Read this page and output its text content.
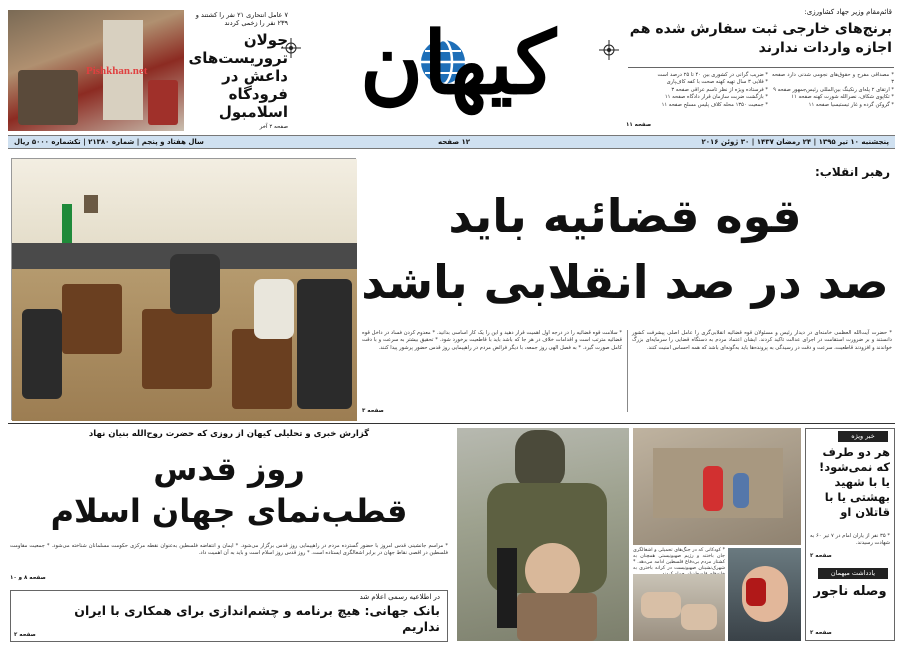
Pishkhan.net
۷ عامل انتحاری ۲۱ نفر را کشتند و ۲۳۹ نفر را زخمی کردند
جولان تروریست‌های داعش در فرودگاه اسلامبول
صفحه ۲ آخر
کیهان
قائم‌مقام وزیر جهاد کشاورزی:
برنج‌های خارجی ثبت سفارش شده هم اجازه واردات ندارند
* ضریب گرانی در کشوری بین ۴۰ تا ۲۵ درصد است
* فلایی ۳ سال تهیه کهنه صحت با کفه کاف‌پاری
* فرستاده ویژه از نظر تاسم عراقی صفحه ۳
* بازگشت ضربت سازمان قرار دادگاه صفحه ۱۱
* جمعیت ۱۳۵۰ محله کلاف پلیس مسلح صفحه ۱۱
* مصداقی مفرح و حقوق‌های نجومی شدنی دارد صفحه ۳
* ارتقای ۲ پله‌ای رنکینگ بین‌المللی رئیس‌جمهور صفحه ۹
* تکاپوی شکاف، نصرالله شورت کهنه صفحه ۱۱
* گروکن گرده و غار تیستیسیا صفحه ۱۱
صفحه ۱۱
پنجشنبه ۱۰ تیر ۱۳۹۵ | ۲۴ رمضان ۱۴۳۷ | ۳۰ ژوئن ۲۰۱۶
۱۲ صفحه
سال هفتاد و پنجم | شماره ۲۱۳۸۰ | تکشماره ۵۰۰۰ ریال
رهبر انقلاب:
قوه قضائیه باید
صد در صد انقلابی باشد
* سلامت قوه قضائیه را در درجه اول اهمیت قرار دهید و این را یک کار اساسی بدانید. * معدوم کردن فساد در داخل قوه قضائیه مترتب است و اقدامات خلاف در هر جا که باشد باید با قاطعیت برخورد شود. * تحقیق بیشتر به سرعت و با دقت کامل صورت گیرد. * به فصل الهی روز جمعه، با دیگر فرائض مردم در راهپیمایی روز قدس حضور پرشور پیدا کنند.
* حضرت آیت‌الله العظمی خامنه‌ای در دیدار رئیس و مسئولان قوه قضائیه انقلابی‌گری را عامل اصلی پیشرفت کشور دانستند و بر ضرورت استقامت در اجرای عدالت تاکید کردند. ایشان اعتماد مردم به دستگاه قضایی را سرمایه‌ای بزرگ خواندند و افزودند قاطعیت، سرعت و دقت در رسیدگی به پرونده‌ها باید به‌گونه‌ای باشد که همه احساس امنیت کنند.
صفحه ۳
گزارش خبری و تحلیلی کیهان از روزی که حضرت روح‌الله بنیان نهاد
روز قدس
قطب‌نمای جهان اسلام
* مراسم جانشینی قدس امروز با حضور گسترده مردم در راهپیمایی روز قدس برگزار می‌شود. * ایمان و انتفاضه فلسطین به‌عنوان نقطه مرکزی حکومت مسلمانان شناخته می‌شود. * جمعیت مقاومت فلسطین در اقصی نقاط جهان در برابر اشغالگری ایستاده است. * روز قدس روز اسلام است و باید به آن اهمیت داد.
صفحه ۸ و ۱۰
در اطلاعیه رسمی اعلام شد
بانک جهانی: هیچ برنامه و چشم‌اندازی برای همکاری با ایران نداریم
صفحه ۲
* کودکانی که در جنگ‌های تحمیلی و اشغالگری جان باختند و رژیم صهیونیستی همچنان به کشتار مردم بی‌دفاع فلسطین ادامه می‌دهد. * شهرک‌نشینان صهیونیست در کرانه باختری به
خبر ویژه
هر دو طرف که نمی‌شود! یا با شهید بهشتی یا با قاتلان او
* ۳۵ نفر از یاران امام در ۷ تیر ۶۰ به شهادت رسیدند.
صفحه ۲
یادداشت میهمان
وصله ناجور
صفحه ۲
